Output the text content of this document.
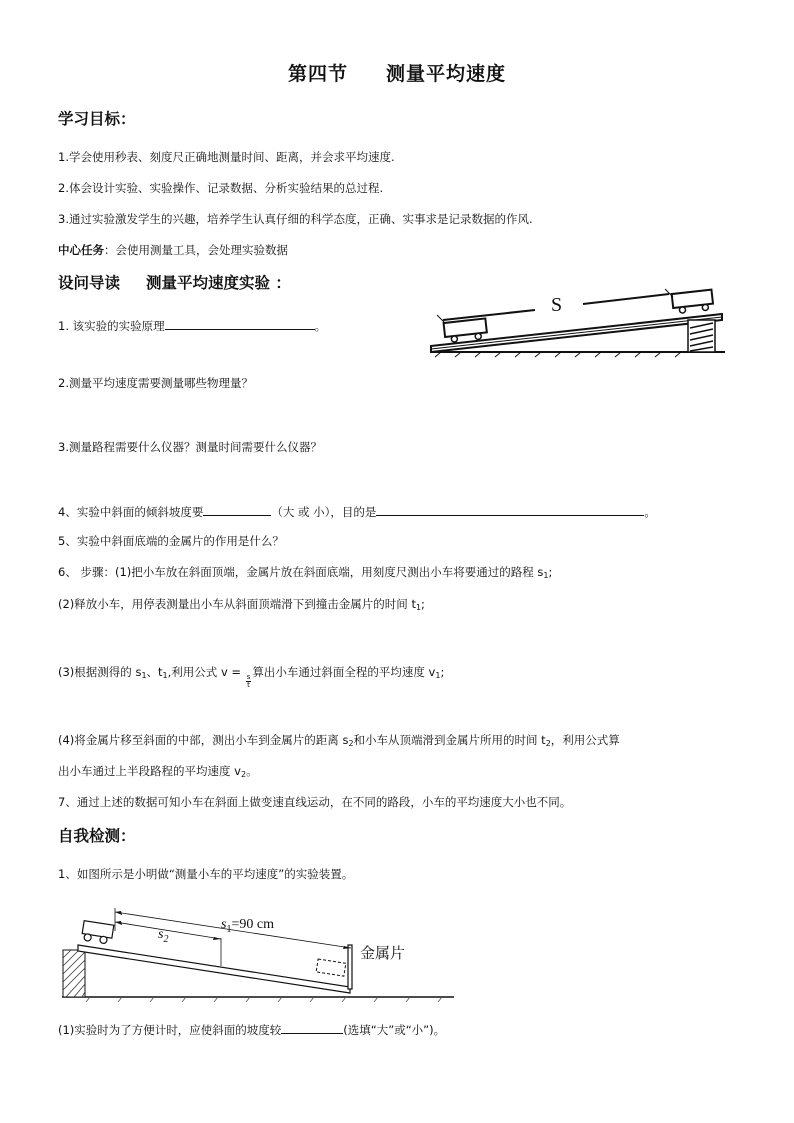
第四节 测量平均速度
学习目标：
1.学会使用秒表、刻度尺正确地测量时间、距离，并会求平均速度.
2.体会设计实验、实验操作、记录数据、分析实验结果的总过程.
3.通过实验激发学生的兴趣，培养学生认真仔细的科学态度，正确、实事求是记录数据的作风.
中心任务：会使用测量工具，会处理实验数据
设问导读 测量平均速度实验 ：
1. 该实验的实验原理	。
S
2.测量平均速度需要测量哪些物理量？
3.测量路程需要什么仪器？测量时间需要什么仪器？
4、实验中斜面的倾斜坡度要	（大 或 小），目的是	。
5、实验中斜面底端的金属片的作用是什么？
6、 步骤：(1)把小车放在斜面顶端，金属片放在斜面底端，用刻度尺测出小车将要通过的路程 $s_1$;
(2)释放小车，用停表测量出小车从斜面顶端滑下到撞击金属片的时间 $t_1$;
(3)根据测得的 $s_1$、$t_1$,利用公式 v =
$\frac{s}{t}$
算出小车通过斜面全程的平均速度 $v_1$;
(4)将金属片移至斜面的中部，测出小车到金属片的距离 $s_2$和小车从顶端滑到金属片所用的时间 $t_2$，利用公式算
出小车通过上半段路程的平均速度 $v_2$。
7、通过上述的数据可知小车在斜面上做变速直线运动，在不同的路段，小车的平均速度大小也不同。
自我检测：
1、如图所示是小明做“测量小车的平均速度”的实验装置。
$s_2$
$s_1=90$ cm
金属片
(1)实验时为了方便计时，应使斜面的坡度较	(选填“大”或“小”)。
